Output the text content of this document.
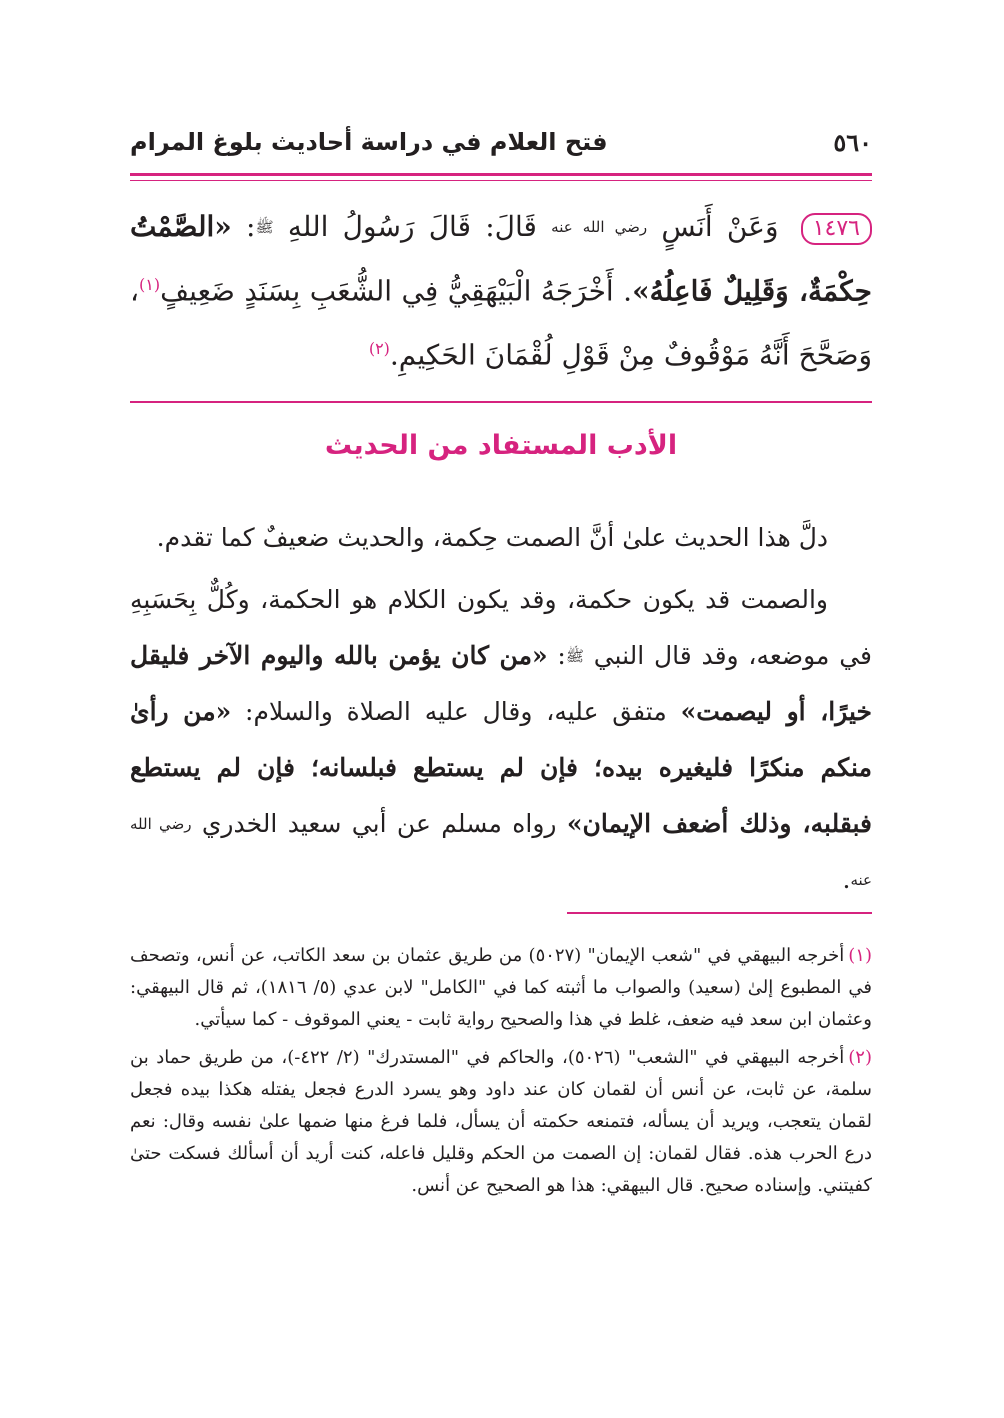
٥٦٠
فتح العلام في دراسة أحاديث بلوغ المرام
١٤٧٦ وَعَنْ أَنَسٍ $^{رضي الله عنه}$ قَالَ: قَالَ رَسُولُ اللهِ $^ﷺ$: «الصَّمْتُ حِكْمَةٌ، وَقَلِيلٌ فَاعِلُهُ». أَخْرَجَهُ الْبَيْهَقِيُّ فِي الشُّعَبِ بِسَنَدٍ ضَعِيفٍ$^{(١)}$، وَصَحَّحَ أَنَّهُ مَوْقُوفٌ مِنْ قَوْلِ لُقْمَانَ الحَكِيمِ.$^{(٢)}$
الأدب المستفاد من الحديث

دلَّ هذا الحديث علىٰ أنَّ الصمت حِكمة، والحديث ضعيفٌ كما تقدم.

والصمت قد يكون حكمة، وقد يكون الكلام هو الحكمة، وكُلٌّ بِحَسَبِهِ في موضعه، وقد قال النبي $^ﷺ$: «من كان يؤمن بالله واليوم الآخر فليقل خيرًا، أو ليصمت» متفق عليه، وقال عليه الصلاة والسلام: «من رأىٰ منكم منكرًا فليغيره بيده؛ فإن لم يستطع فبلسانه؛ فإن لم يستطع فبقلبه، وذلك أضعف الإيمان» رواه مسلم عن أبي سعيد الخدري $^{رضي الله عنه}$.

(١)أخرجه البيهقي في "شعب الإيمان" (٥٠٢٧) من طريق عثمان بن سعد الكاتب، عن أنس، وتصحف في المطبوع إلىٰ (سعيد) والصواب ما أثبته كما في "الكامل" لابن عدي (٥/ ١٨١٦)، ثم قال البيهقي: وعثمان ابن سعد فيه ضعف، غلط في هذا والصحيح رواية ثابت - يعني الموقوف - كما سيأتي.

(٢)أخرجه البيهقي في "الشعب" (٥٠٢٦)، والحاكم في "المستدرك" (٢/ ٤٢٢-)، من طريق حماد بن سلمة، عن ثابت، عن أنس أن لقمان كان عند داود وهو يسرد الدرع فجعل يفتله هكذا بيده فجعل لقمان يتعجب، ويريد أن يسأله، فتمنعه حكمته أن يسأل، فلما فرغ منها ضمها علىٰ نفسه وقال: نعم درع الحرب هذه. فقال لقمان: إن الصمت من الحكم وقليل فاعله، كنت أريد أن أسألك فسكت حتىٰ كفيتني. وإسناده صحيح. قال البيهقي: هذا هو الصحيح عن أنس.
